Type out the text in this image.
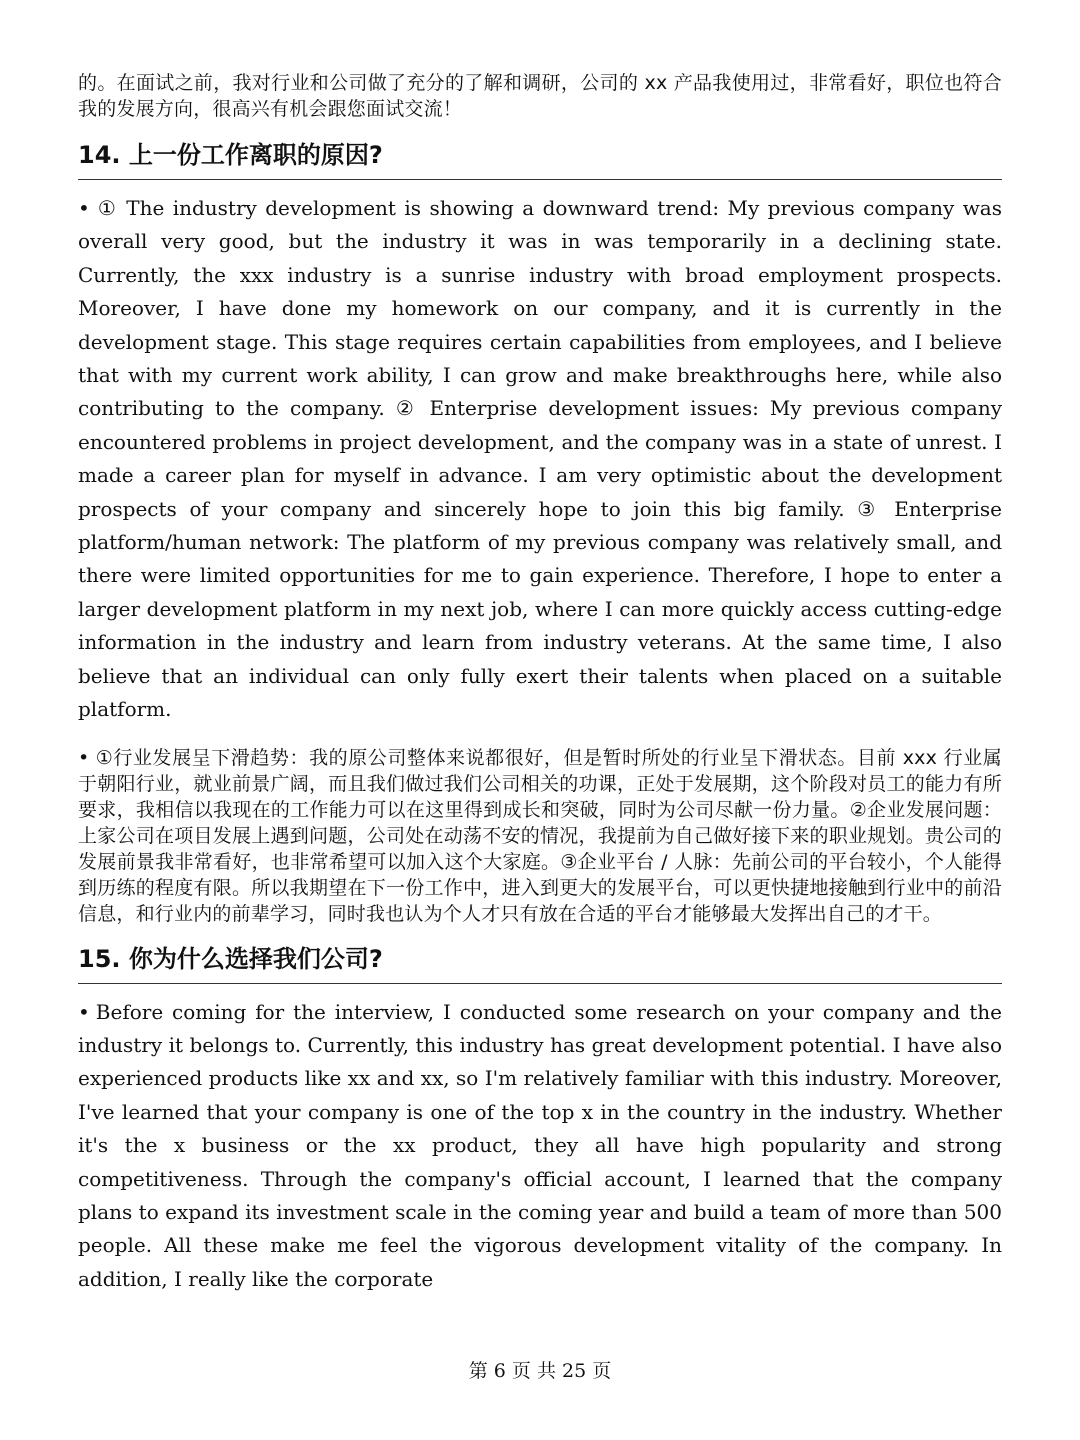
的。在面试之前，我对行业和公司做了充分的了解和调研，公司的 xx 产品我使用过，非常看好，职位也符合我的发展方向，很高兴有机会跟您面试交流！

14. 上一份工作离职的原因?

• ① The industry development is showing a downward trend: My previous company was overall very good, but the industry it was in was temporarily in a declining state. Currently, the xxx industry is a sunrise industry with broad employment prospects. Moreover, I have done my homework on our company, and it is currently in the development stage. This stage requires certain capabilities from employees, and I believe that with my current work ability, I can grow and make breakthroughs here, while also contributing to the company. ② Enterprise development issues: My previous company encountered problems in project development, and the company was in a state of unrest. I made a career plan for myself in advance. I am very optimistic about the development prospects of your company and sincerely hope to join this big family. ③ Enterprise platform/human network: The platform of my previous company was relatively small, and there were limited opportunities for me to gain experience. Therefore, I hope to enter a larger development platform in my next job, where I can more quickly access cutting-edge information in the industry and learn from industry veterans. At the same time, I also believe that an individual can only fully exert their talents when placed on a suitable platform.

• ①行业发展呈下滑趋势：我的原公司整体来说都很好，但是暂时所处的行业呈下滑状态。目前 xxx 行业属于朝阳行业，就业前景广阔，而且我们做过我们公司相关的功课，正处于发展期，这个阶段对员工的能力有所要求，我相信以我现在的工作能力可以在这里得到成长和突破，同时为公司尽献一份力量。②企业发展问题：上家公司在项目发展上遇到问题，公司处在动荡不安的情况，我提前为自己做好接下来的职业规划。贵公司的发展前景我非常看好，也非常希望可以加入这个大家庭。③企业平台 / 人脉：先前公司的平台较小，个人能得到历练的程度有限。所以我期望在下一份工作中，进入到更大的发展平台，可以更快捷地接触到行业中的前沿信息，和行业内的前辈学习，同时我也认为个人才只有放在合适的平台才能够最大发挥出自己的才干。

15. 你为什么选择我们公司?

• Before coming for the interview, I conducted some research on your company and the industry it belongs to. Currently, this industry has great development potential. I have also experienced products like xx and xx, so I'm relatively familiar with this industry. Moreover, I've learned that your company is one of the top x in the country in the industry. Whether it's the x business or the xx product, they all have high popularity and strong competitiveness. Through the company's official account, I learned that the company plans to expand its investment scale in the coming year and build a team of more than 500 people. All these make me feel the vigorous development vitality of the company. In addition, I really like the corporate

第 6 页 共 25 页
